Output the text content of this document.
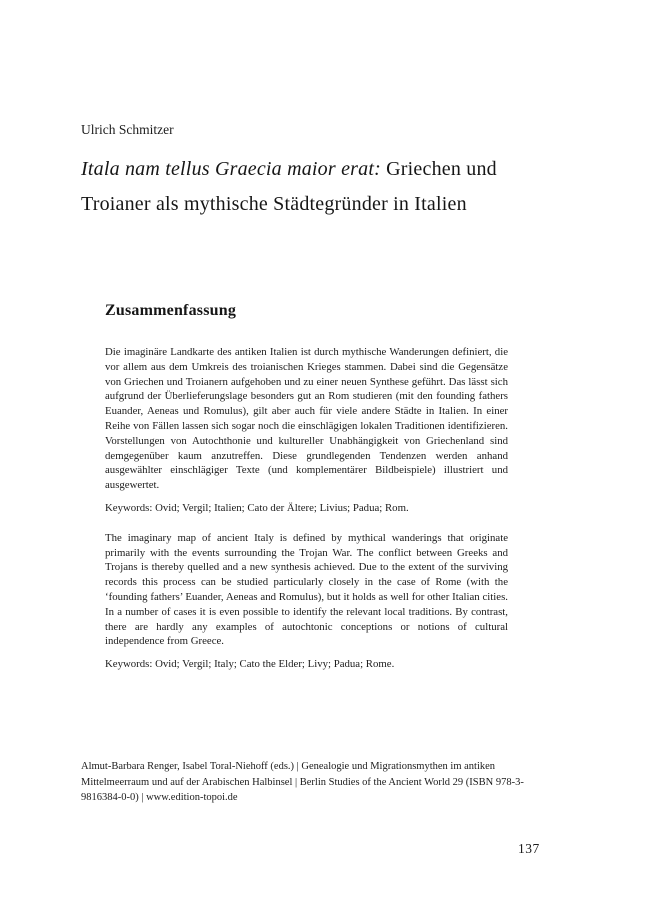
Ulrich Schmitzer
Itala nam tellus Graecia maior erat: Griechen und
Troianer als mythische Städtegründer in Italien
Zusammenfassung

Die imaginäre Landkarte des antiken Italien ist durch mythische Wanderungen definiert, die vor allem aus dem Umkreis des troianischen Krieges stammen. Dabei sind die Gegensätze von Griechen und Troianern aufgehoben und zu einer neuen Synthese geführt. Das lässt sich aufgrund der Überlieferungslage besonders gut an Rom studieren (mit den founding fathers Euander, Aeneas und Romulus), gilt aber auch für viele andere Städte in Italien. In einer Reihe von Fällen lassen sich sogar noch die einschlägigen lokalen Traditionen identifizieren. Vorstellungen von Autochthonie und kultureller Unabhängigkeit von Griechenland sind demgegenüber kaum anzutreffen. Diese grundlegenden Tendenzen werden anhand ausgewählter einschlägiger Texte (und komplementärer Bildbeispiele) illustriert und ausgewertet.

Keywords: Ovid; Vergil; Italien; Cato der Ältere; Livius; Padua; Rom.

The imaginary map of ancient Italy is defined by mythical wanderings that originate primarily with the events surrounding the Trojan War. The conflict between Greeks and Trojans is thereby quelled and a new synthesis achieved. Due to the extent of the surviving records this process can be studied particularly closely in the case of Rome (with the ‘founding fathers’ Euander, Aeneas and Romulus), but it holds as well for other Italian cities. In a number of cases it is even possible to identify the relevant local traditions. By contrast, there are hardly any examples of autochtonic conceptions or notions of cultural independence from Greece.

Keywords: Ovid; Vergil; Italy; Cato the Elder; Livy; Padua; Rome.

Almut-Barbara Renger, Isabel Toral-Niehoff (eds.) | Genealogie und Migrationsmythen im antiken
Mittelmeerraum und auf der Arabischen Halbinsel | Berlin Studies of the Ancient World 29 (ISBN 978-3-
9816384-0-0) | www.edition-topoi.de
137
